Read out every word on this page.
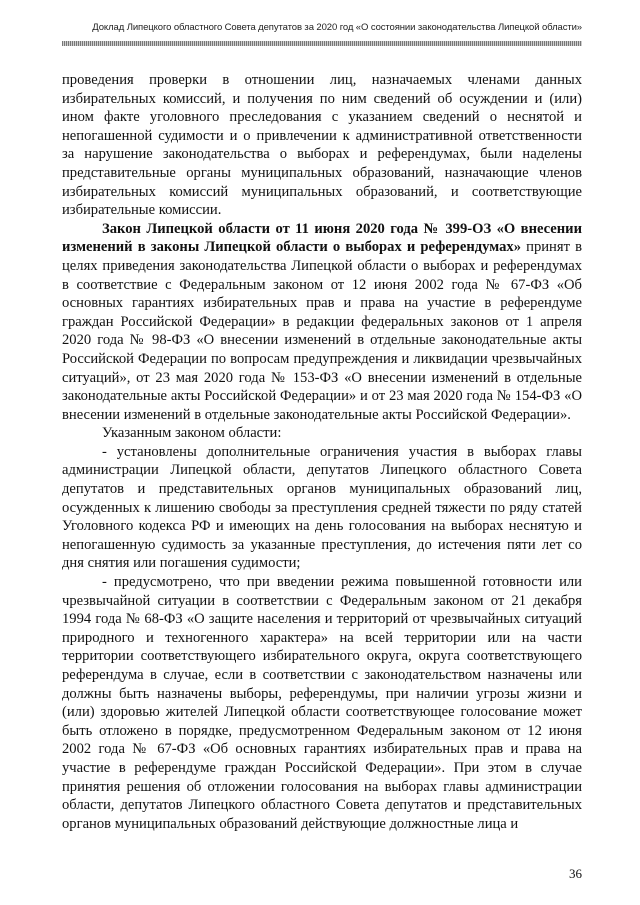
Доклад Липецкого областного Совета депутатов за 2020 год «О состоянии законодательства Липецкой области»

проведения проверки в отношении лиц, назначаемых членами данных избирательных комиссий, и получения по ним сведений об осуждении и (или) ином факте уголовного преследования с указанием сведений о неснятой и непогашенной судимости и о привлечении к административной ответственности за нарушение законодательства о выборах и референдумах, были наделены представительные органы муниципальных образований, назначающие членов избирательных комиссий муниципальных образований, и соответствующие избирательные комиссии.

Закон Липецкой области от 11 июня 2020 года № 399-ОЗ «О внесении изменений в законы Липецкой области о выборах и референдумах» принят в целях приведения законодательства Липецкой области о выборах и референдумах в соответствие с Федеральным законом от 12 июня 2002 года № 67-ФЗ «Об основных гарантиях избирательных прав и права на участие в референдуме граждан Российской Федерации» в редакции федеральных законов от 1 апреля 2020 года № 98-ФЗ «О внесении изменений в отдельные законодательные акты Российской Федерации по вопросам предупреждения и ликвидации чрезвычайных ситуаций», от 23 мая 2020 года № 153-ФЗ «О внесении изменений в отдельные законодательные акты Российской Федерации» и от 23 мая 2020 года № 154-ФЗ «О внесении изменений в отдельные законодательные акты Российской Федерации».

Указанным законом области:

- установлены дополнительные ограничения участия в выборах главы администрации Липецкой области, депутатов Липецкого областного Совета депутатов и представительных органов муниципальных образований лиц, осужденных к лишению свободы за преступления средней тяжести по ряду статей Уголовного кодекса РФ и имеющих на день голосования на выборах неснятую и непогашенную судимость за указанные преступления, до истечения пяти лет со дня снятия или погашения судимости;

- предусмотрено, что при введении режима повышенной готовности или чрезвычайной ситуации в соответствии с Федеральным законом от 21 декабря 1994 года № 68-ФЗ «О защите населения и территорий от чрезвычайных ситуаций природного и техногенного характера» на всей территории или на части территории соответствующего избирательного округа, округа соответствующего референдума в случае, если в соответствии с законодательством назначены или должны быть назначены выборы, референдумы, при наличии угрозы жизни и (или) здоровью жителей Липецкой области соответствующее голосование может быть отложено в порядке, предусмотренном Федеральным законом от 12 июня 2002 года № 67-ФЗ «Об основных гарантиях избирательных прав и права на участие в референдуме граждан Российской Федерации». При этом в случае принятия решения об отложении голосования на выборах главы администрации области, депутатов Липецкого областного Совета депутатов и представительных органов муниципальных образований действующие должностные лица и

36
